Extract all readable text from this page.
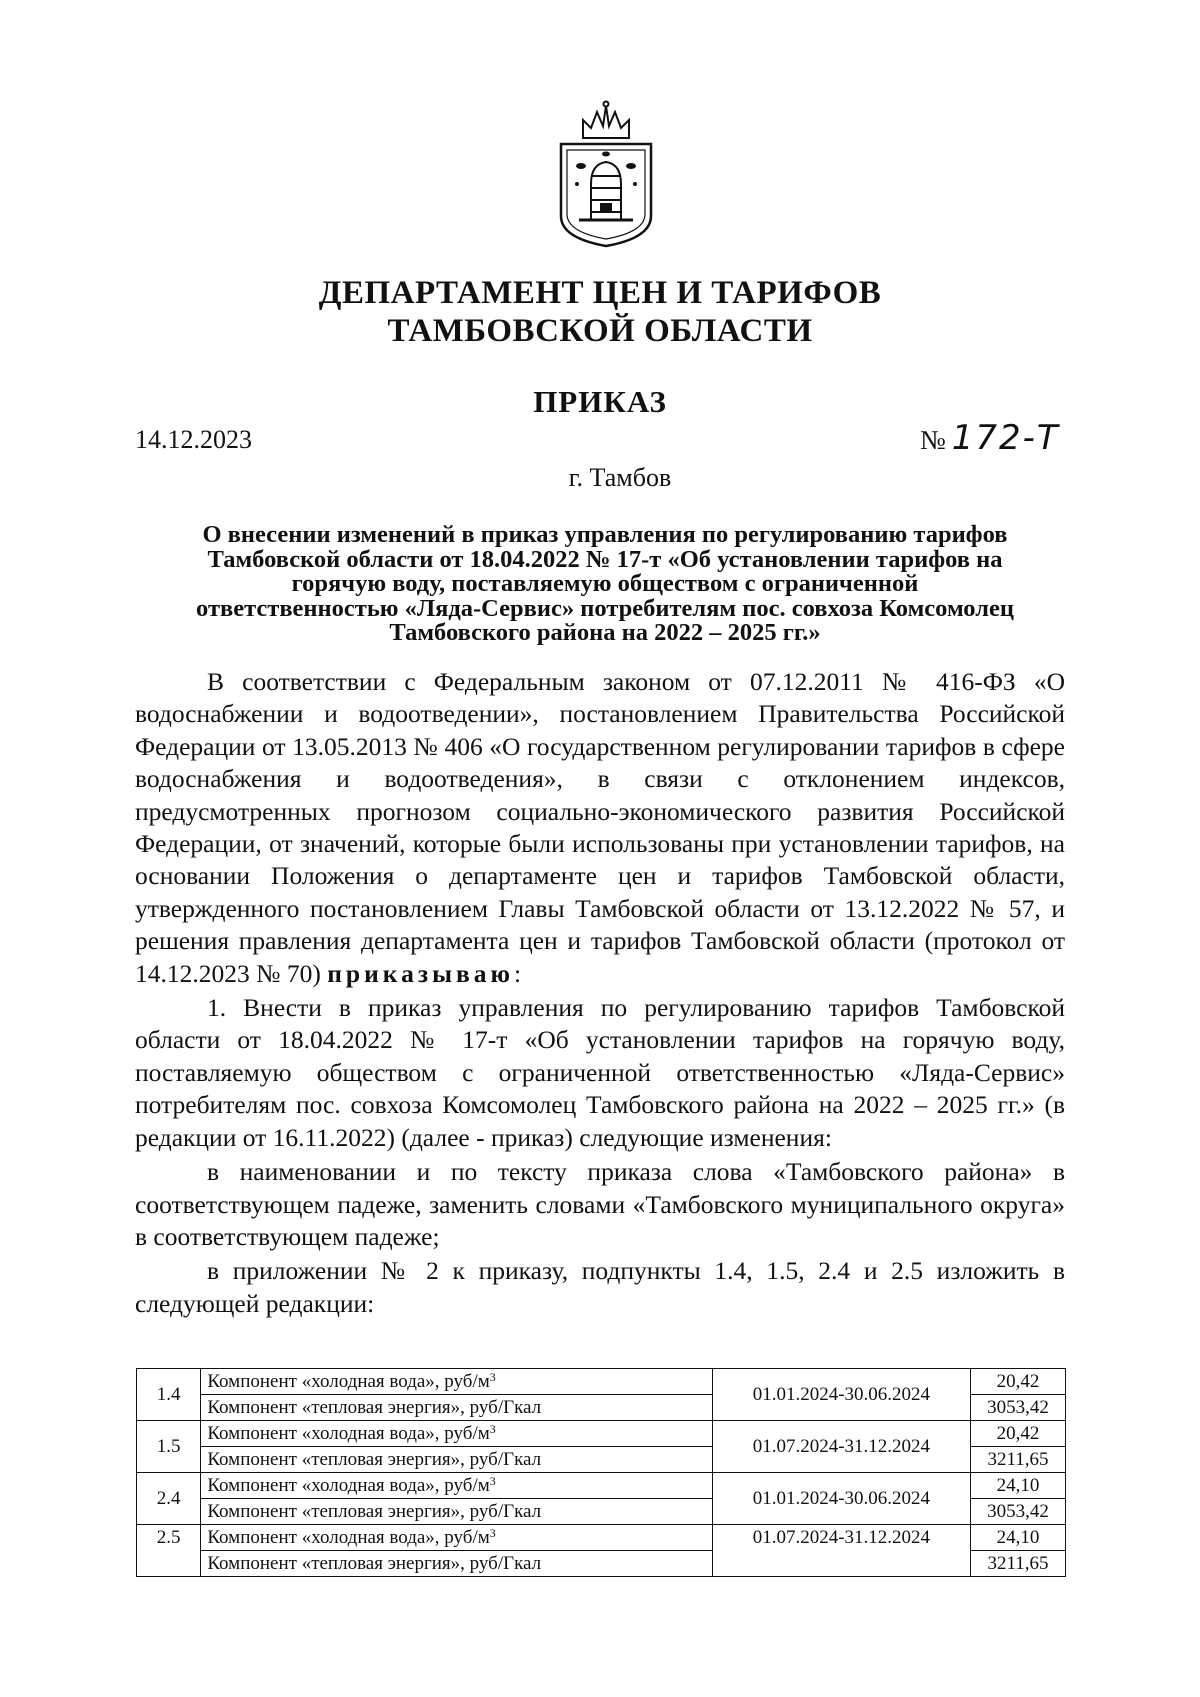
ДЕПАРТАМЕНТ ЦЕН И ТАРИФОВ
ТАМБОВСКОЙ ОБЛАСТИ
ПРИКАЗ
14.12.2023	№ 172-Т
г. Тамбов
О внесении изменений в приказ управления по регулированию тарифов
Тамбовской области от 18.04.2022 № 17-т «Об установлении тарифов на
горячую воду, поставляемую обществом с ограниченной
ответственностью «Ляда-Сервис» потребителям пос. совхоза Комсомолец
Тамбовского района на 2022 – 2025 гг.»

В соответствии с Федеральным законом от 07.12.2011 № 416-ФЗ «О водоснабжении и водоотведении», постановлением Правительства Российской Федерации от 13.05.2013 № 406 «О государственном регулировании тарифов в сфере водоснабжения и водоотведения», в связи с отклонением индексов, предусмотренных прогнозом социально-экономического развития Российской Федерации, от значений, которые были использованы при установлении тарифов, на основании Положения о департаменте цен и тарифов Тамбовской области, утвержденного постановлением Главы Тамбовской области от 13.12.2022 № 57, и решения правления департамента цен и тарифов Тамбовской области (протокол от 14.12.2023 № 70) приказываю:

1. Внести в приказ управления по регулированию тарифов Тамбовской области от 18.04.2022 № 17-т «Об установлении тарифов на горячую воду, поставляемую обществом с ограниченной ответственностью «Ляда-Сервис» потребителям пос. совхоза Комсомолец Тамбовского района на 2022 – 2025 гг.» (в редакции от 16.11.2022) (далее - приказ) следующие изменения:

в наименовании и по тексту приказа слова «Тамбовского района» в соответствующем падеже, заменить словами «Тамбовского муниципального округа» в соответствующем падеже;

в приложении № 2 к приказу, подпункты 1.4, 1.5, 2.4 и 2.5 изложить в следующей редакции:

1.4	Компонент «холодная вода», руб/$м^3$	01.01.2024-30.06.2024	20,42
	Компонент «тепловая энергия», руб/Гкал		3053,42
1.5	Компонент «холодная вода», руб/$м^3$	01.07.2024-31.12.2024	20,42
	Компонент «тепловая энергия», руб/Гкал		3211,65
2.4	Компонент «холодная вода», руб/$м^3$	01.01.2024-30.06.2024	24,10
	Компонент «тепловая энергия», руб/Гкал		3053,42
2.5	Компонент «холодная вода», руб/$м^3$	01.07.2024-31.12.2024	24,10
	Компонент «тепловая энергия», руб/Гкал		3211,65
